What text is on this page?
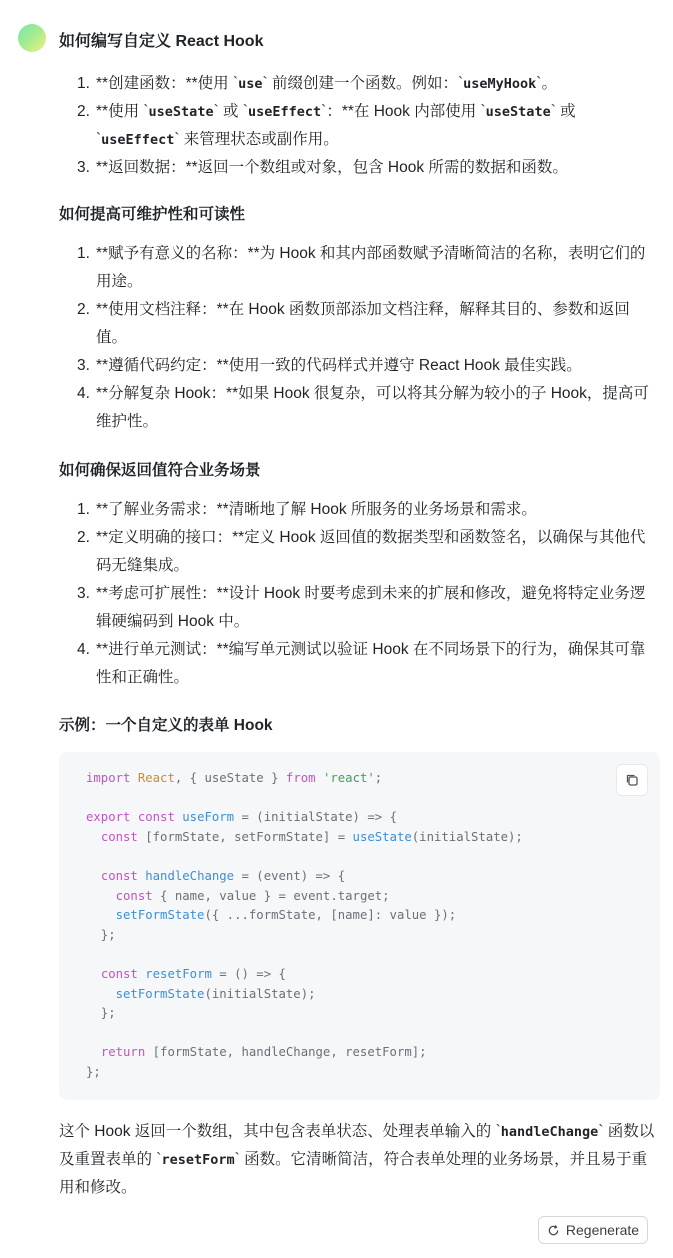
如何编写自定义 React Hook
1. **创建函数：**使用 `use` 前缀创建一个函数。例如：`useMyHook`。
2. **使用 `useState` 或 `useEffect`：**在 Hook 内部使用 `useState` 或 `useEffect` 来管理状态或副作用。
3. **返回数据：**返回一个数组或对象，包含 Hook 所需的数据和函数。
如何提高可维护性和可读性
1. **赋予有意义的名称：**为 Hook 和其内部函数赋予清晰简洁的名称，表明它们的用途。
2. **使用文档注释：**在 Hook 函数顶部添加文档注释，解释其目的、参数和返回值。
3. **遵循代码约定：**使用一致的代码样式并遵守 React Hook 最佳实践。
4. **分解复杂 Hook：**如果 Hook 很复杂，可以将其分解为较小的子 Hook，提高可维护性。
如何确保返回值符合业务场景
1. **了解业务需求：**清晰地了解 Hook 所服务的业务场景和需求。
2. **定义明确的接口：**定义 Hook 返回值的数据类型和函数签名，以确保与其他代码无缝集成。
3. **考虑可扩展性：**设计 Hook 时要考虑到未来的扩展和修改，避免将特定业务逻辑硬编码到 Hook 中。
4. **进行单元测试：**编写单元测试以验证 Hook 在不同场景下的行为，确保其可靠性和正确性。
示例：一个自定义的表单 Hook
import React, { useState } from 'react';

export const useForm = (initialState) => {
const [formState, setFormState] = useState(initialState);

const handleChange = (event) => {
const { name, value } = event.target;
setFormState({ ...formState, [name]: value });
};

const resetForm = () => {
setFormState(initialState);
};

return [formState, handleChange, resetForm];
};
这个 Hook 返回一个数组，其中包含表单状态、处理表单输入的 `handleChange` 函数以及重置表单的 `resetForm` 函数。它清晰简洁，符合表单处理的业务场景，并且易于重用和修改。
Regenerate
